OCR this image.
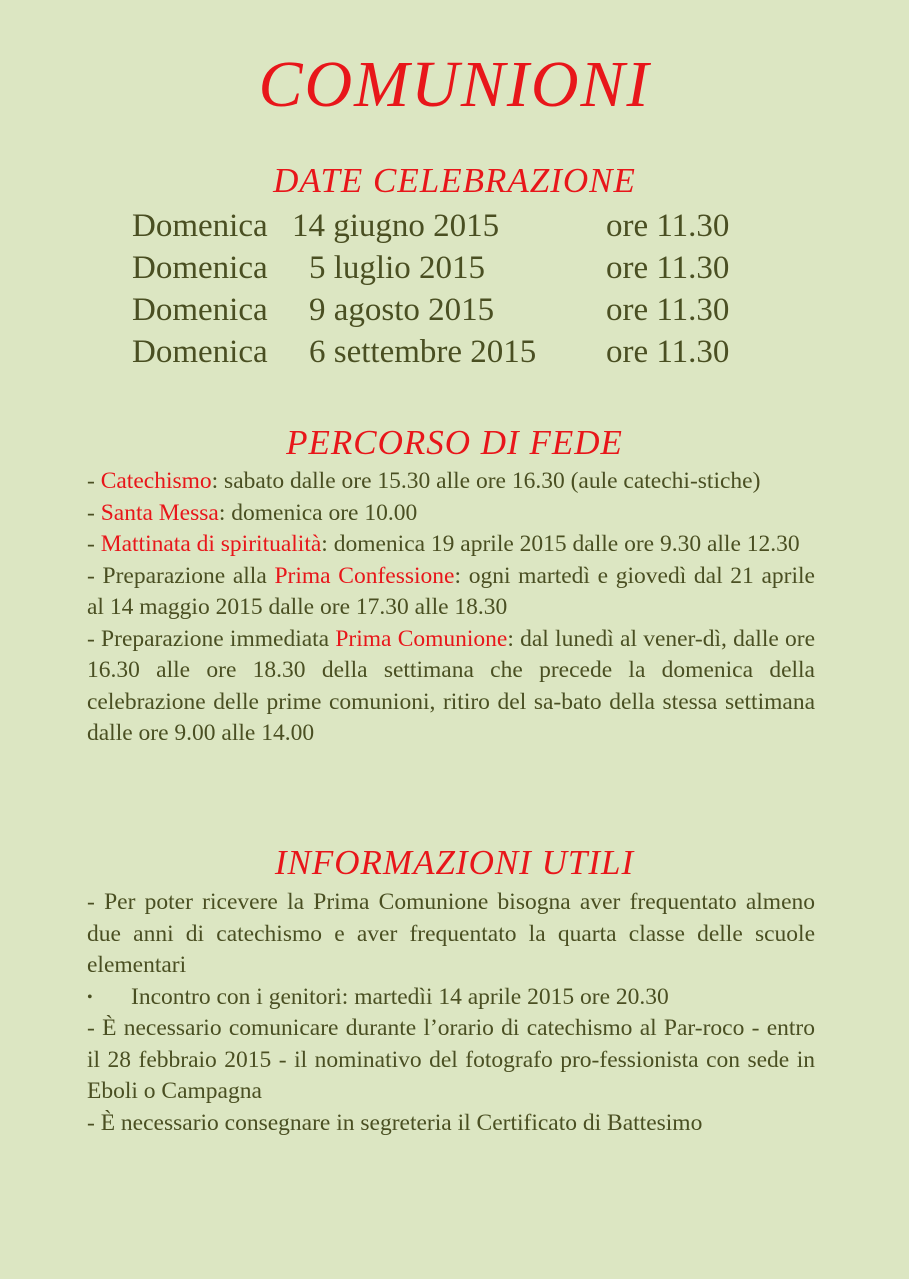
COMUNIONI
DATE CELEBRAZIONE
Domenica 14 giugno 2015	ore 11.30
Domenica 5 luglio 2015	ore 11.30
Domenica 9 agosto 2015	ore 11.30
Domenica 6 settembre 2015 ore 11.30
PERCORSO DI FEDE

- Catechismo: sabato dalle ore 15.30 alle ore 16.30 (aule catechi-stiche)

- Santa Messa: domenica ore 10.00

- Mattinata di spiritualità: domenica 19 aprile 2015 dalle ore 9.30 alle 12.30

- Preparazione alla Prima Confessione: ogni martedì e giovedì dal 21 aprile al 14 maggio 2015 dalle ore 17.30 alle 18.30

- Preparazione immediata Prima Comunione: dal lunedì al vener-dì, dalle ore 16.30 alle ore 18.30 della settimana che precede la domenica della celebrazione delle prime comunioni, ritiro del sa-bato della stessa settimana dalle ore 9.00 alle 14.00

INFORMAZIONI UTILI

- Per poter ricevere la Prima Comunione bisogna aver frequentato almeno due anni di catechismo e aver frequentato la quarta classe delle scuole elementari

• Incontro con i genitori: martedìi 14 aprile 2015 ore 20.30

- È necessario comunicare durante l’orario di catechismo al Par-roco - entro il 28 febbraio 2015 - il nominativo del fotografo pro-fessionista con sede in Eboli o Campagna

- È necessario consegnare in segreteria il Certificato di Battesimo
